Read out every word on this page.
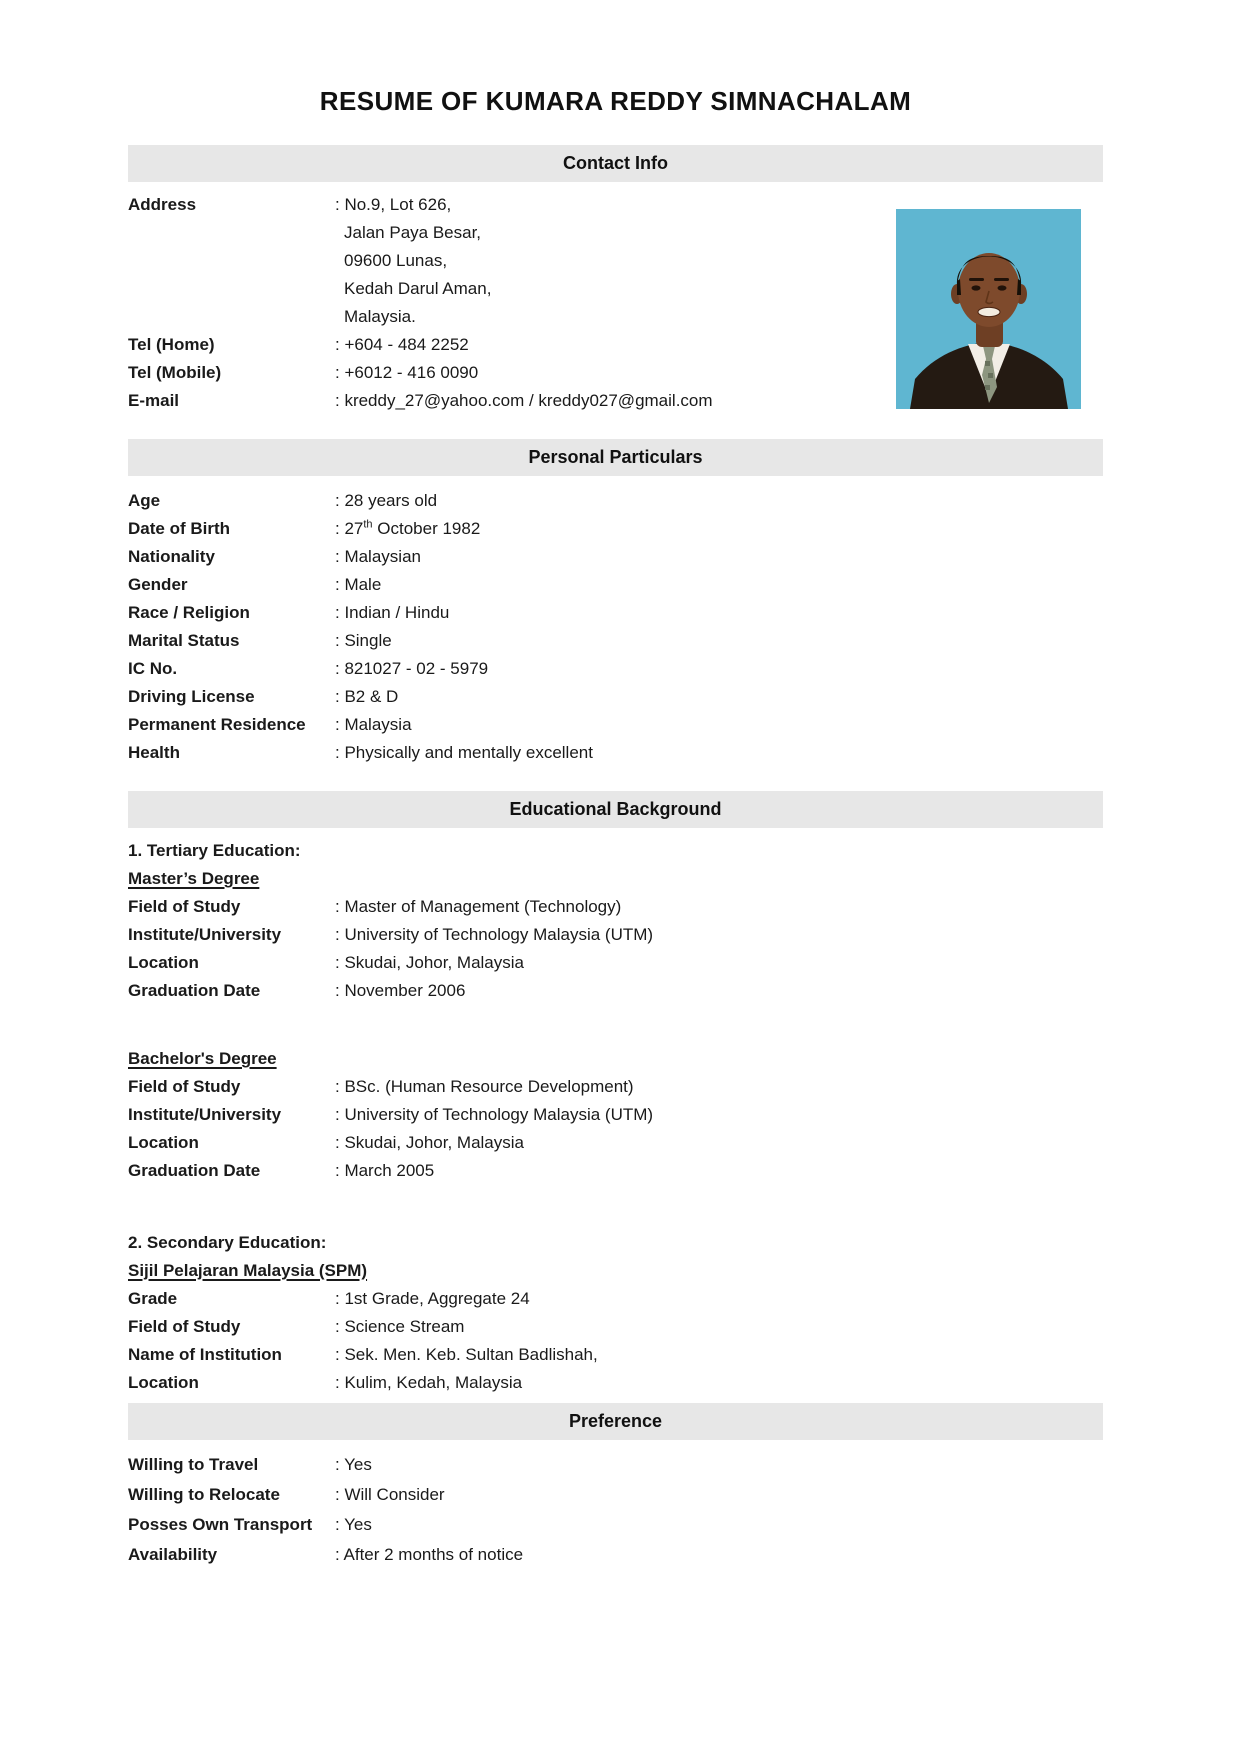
RESUME OF KUMARA REDDY SIMNACHALAM
Contact Info
Address	: No.9, Lot 626,
Jalan Paya Besar,
09600 Lunas,
Kedah Darul Aman,
Malaysia.
Tel (Home)	: +604 - 484 2252
Tel (Mobile)	: +6012 - 416 0090
E-mail	: kreddy_27@yahoo.com / kreddy027@gmail.com
Personal Particulars
Age	: 28 years old
Date of Birth	: 27th October 1982
Nationality	: Malaysian
Gender	: Male
Race / Religion	: Indian / Hindu
Marital Status	: Single
IC No.	: 821027 - 02 - 5979
Driving License	: B2 & D
Permanent Residence	: Malaysia
Health	: Physically and mentally excellent
Educational Background
1. Tertiary Education:
Master’s Degree
Field of Study	: Master of Management (Technology)
Institute/University	: University of Technology Malaysia (UTM)
Location	: Skudai, Johor, Malaysia
Graduation Date	: November 2006
Bachelor's Degree
Field of Study	: BSc. (Human Resource Development)
Institute/University	: University of Technology Malaysia (UTM)
Location	: Skudai, Johor, Malaysia
Graduation Date	: March 2005
2. Secondary Education:
Sijil Pelajaran Malaysia (SPM)
Grade	: 1st Grade, Aggregate 24
Field of Study	: Science Stream
Name of Institution	: Sek. Men. Keb. Sultan Badlishah,
Location	: Kulim, Kedah, Malaysia
Preference
Willing to Travel	: Yes
Willing to Relocate	: Will Consider
Posses Own Transport	: Yes
Availability	: After 2 months of notice
